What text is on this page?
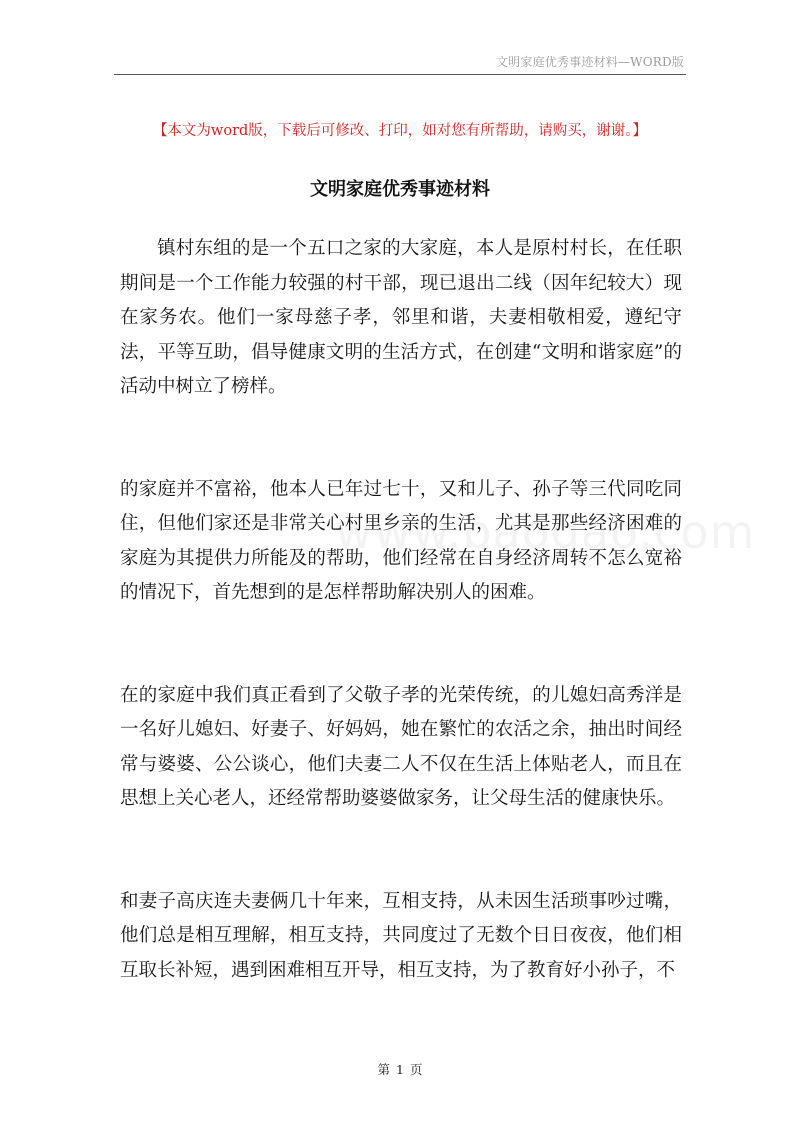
文明家庭优秀事迹材料—WORD版
【本文为word版，下载后可修改、打印，如对您有所帮助，请购买，谢谢。】
文明家庭优秀事迹材料

镇村东组的是一个五口之家的大家庭，本人是原村村长，在任职期间是一个工作能力较强的村干部，现已退出二线（因年纪较大）现在家务农。他们一家母慈子孝，邻里和谐，夫妻相敬相爱，遵纪守法，平等互助，倡导健康文明的生活方式，在创建“文明和谐家庭”的活动中树立了榜样。

的家庭并不富裕，他本人已年过七十，又和儿子、孙子等三代同吃同住，但他们家还是非常关心村里乡亲的生活，尤其是那些经济困难的家庭为其提供力所能及的帮助，他们经常在自身经济周转不怎么宽裕的情况下，首先想到的是怎样帮助解决别人的困难。

在的家庭中我们真正看到了父敬子孝的光荣传统，的儿媳妇高秀洋是一名好儿媳妇、好妻子、好妈妈，她在繁忙的农活之余，抽出时间经常与婆婆、公公谈心，他们夫妻二人不仅在生活上体贴老人，而且在思想上关心老人，还经常帮助婆婆做家务，让父母生活的健康快乐。

和妻子高庆连夫妻俩几十年来，互相支持，从未因生活琐事吵过嘴，他们总是相互理解，相互支持，共同度过了无数个日日夜夜，他们相互取长补短，遇到困难相互开导，相互支持，为了教育好小孙子，不

第 1 页
